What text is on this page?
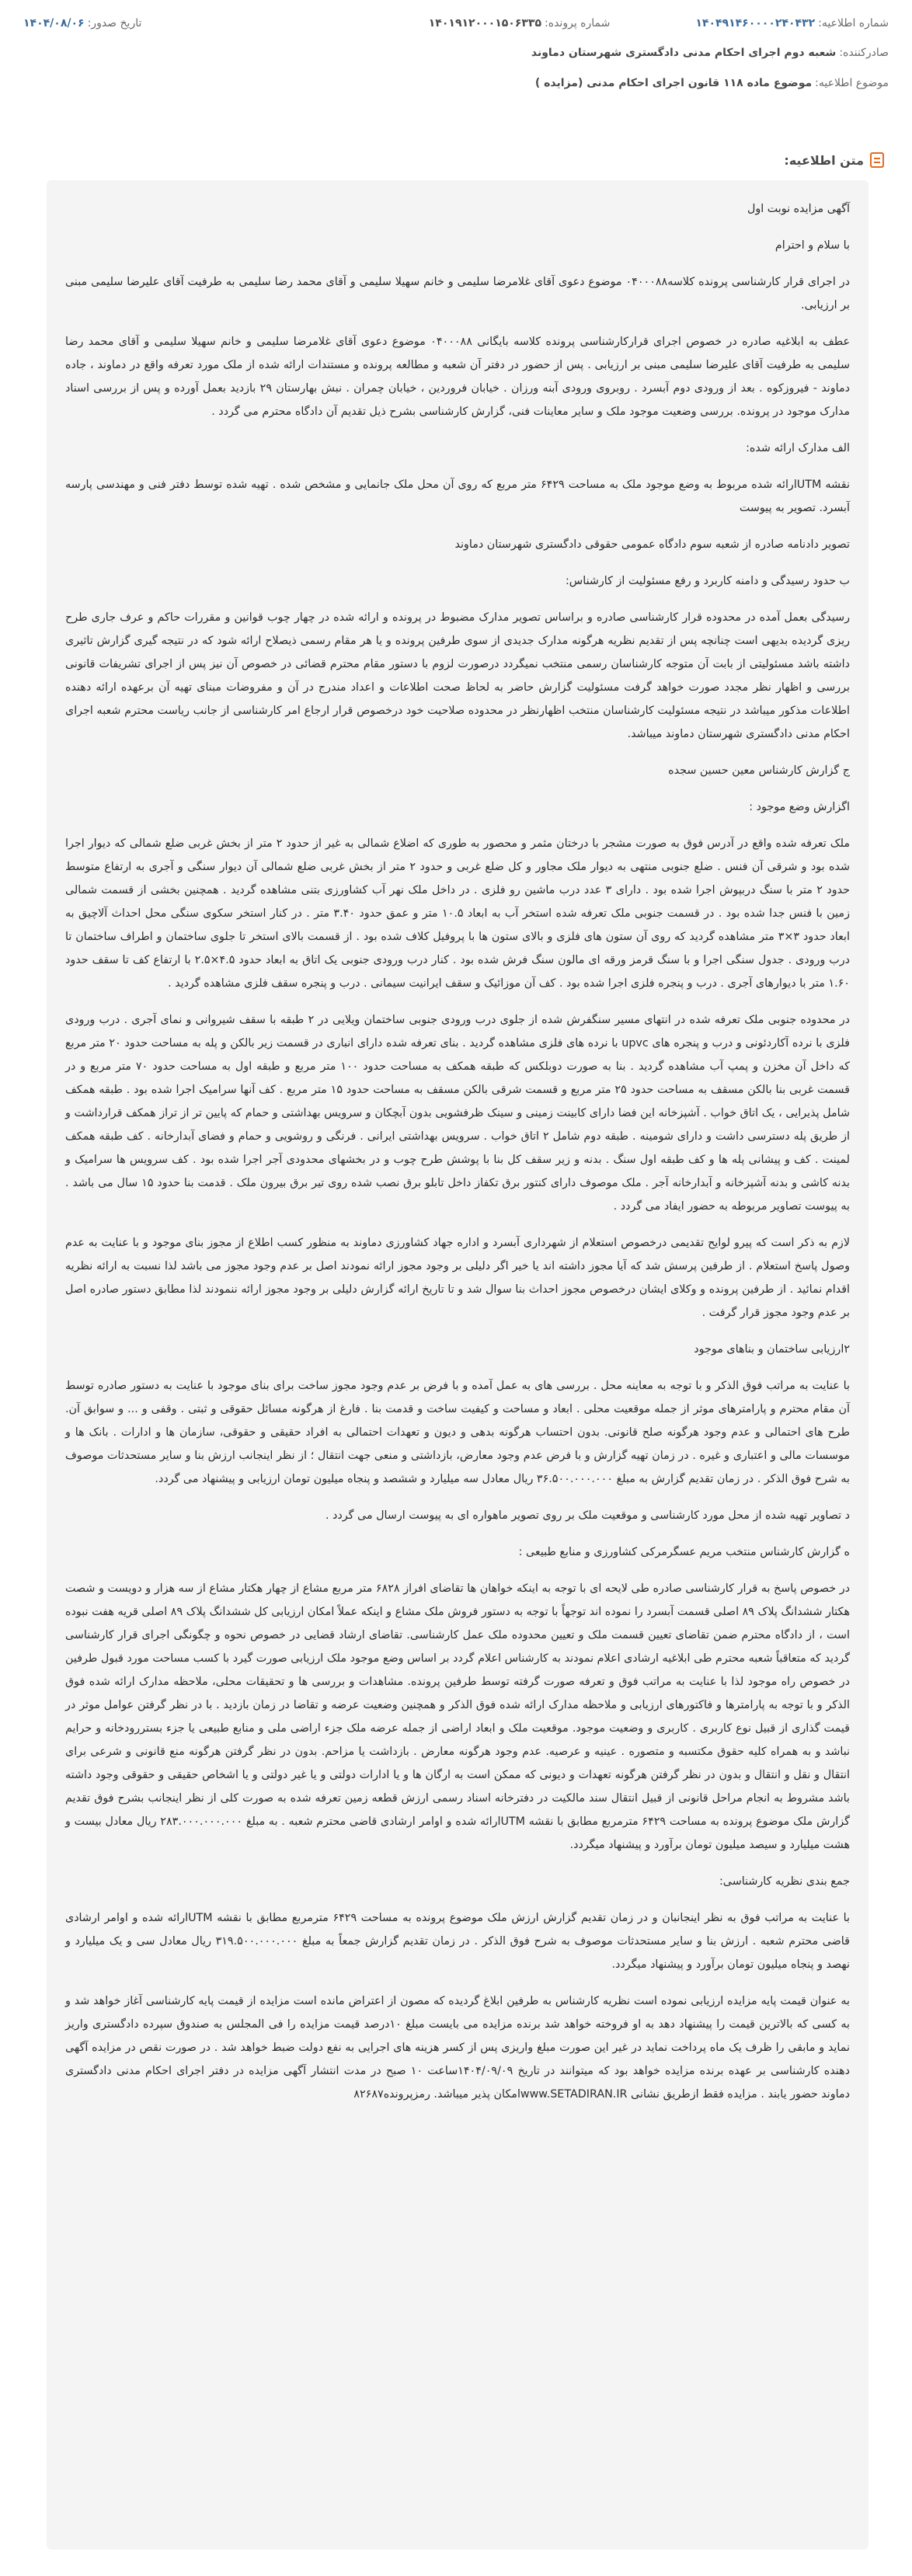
شماره اطلاعیه:
۱۴۰۴۹۱۴۶۰۰۰۰۲۴۰۴۳۲
شماره پرونده:
۱۴۰۱۹۱۲۰۰۰۱۵۰۶۳۳۵
تاریخ صدور:
۱۴۰۴/۰۸/۰۶
صادرکننده:
شعبه دوم اجرای احکام مدنی دادگستری شهرستان دماوند
موضوع اطلاعیه:
موضوع ماده ۱۱۸ قانون اجرای احکام مدنی (مزایده )
متن اطلاعیه
:

آگهی مزایده نوبت اول

با سلام و احترام

در اجرای قرار کارشناسی پرونده کلاسه۰۴۰۰۰۸۸ موضوع دعوی آقای غلامرضا سلیمی و خانم سهیلا سلیمی و آقای محمد رضا سلیمی به طرفیت آقای علیرضا سلیمی مبنی بر ارزیابی.

عطف به ابلاغیه صادره در خصوص اجرای قرارکارشناسی پرونده کلاسه بایگانی ۰۴۰۰۰۸۸ موضوع دعوی آقای غلامرضا سلیمی و خانم سهیلا سلیمی و آقای محمد رضا سلیمی به طرفیت آقای علیرضا سلیمی مبنی بر ارزیابی . پس از حضور در دفتر آن شعبه و مطالعه پرونده و مستندات ارائه شده از ملک مورد تعرفه واقع در دماوند ، جاده دماوند - فیروزکوه . بعد از ورودی دوم آبسرد . روبروی ورودی آبنه ورزان . خیابان فروردین ، خیابان چمران . نبش بهارستان ۲۹ بازدید بعمل آورده و پس از بررسی اسناد مدارک موجود در پرونده. بررسی وضعیت موجود ملک و سایر معاینات فنی، گزارش کارشناسی بشرح ذیل تقدیم آن دادگاه محترم می گردد .

الف مدارک ارائه شده:

نقشه UTMارائه شده مربوط به وضع موجود ملک به مساحت ۶۴۲۹ متر مربع که روی آن محل ملک جانمایی و مشخص شده . تهیه شده توسط دفتر فنی و مهندسی پارسه آبسرد. تصویر به پیوست

تصویر دادنامه صادره از شعبه سوم دادگاه عمومی حقوقی دادگستری شهرستان دماوند

ب حدود رسیدگی و دامنه کاربرد و رفع مسئولیت از کارشناس:

رسیدگی بعمل آمده در محدوده قرار کارشناسی صادره و براساس تصویر مدارک مضبوط در پرونده و ارائه شده در چهار چوب قوانین و مقررات حاکم و عرف جاری طرح ریزی گردیده بدیهی است چنانچه پس از تقدیم نظریه هرگونه مدارک جدیدی از سوی طرفین پرونده و یا هر مقام رسمی ذیصلاح ارائه شود که در نتیجه گیری گزارش تاثیری داشته باشد مسئولیتی از بابت آن متوجه کارشناسان رسمی منتخب نمیگردد درصورت لزوم با دستور مقام محترم قضائی در خصوص آن نیز پس از اجرای تشریفات قانونی بررسی و اظهار نظر مجدد صورت خواهد گرفت مسئولیت گزارش حاضر به لحاظ صحت اطلاعات و اعداد مندرج در آن و مفروضات مبنای تهیه آن برعهده ارائه دهنده اطلاعات مذکور میباشد در نتیجه مسئولیت کارشناسان منتخب اظهارنظر در محدوده صلاحیت خود درخصوص قرار ارجاع امر کارشناسی از جانب ریاست محترم شعبه اجرای احکام مدنی دادگستری شهرستان دماوند میباشد.

ج گزارش کارشناس معین حسین سجده

اگزارش وضع موجود :

ملک تعرفه شده واقع در آدرس فوق به صورت مشجر با درختان مثمر و محصور به طوری که اضلاع شمالی به غیر از حدود ۲ متر از بخش غربی ضلع شمالی که دیوار اجرا شده بود و شرقی آن فنس . ضلع جنوبی منتهی به دیوار ملک مجاور و کل ضلع غربی و حدود ۲ متر از بخش غربی ضلع شمالی آن دیوار سنگی و آجری به ارتفاع متوسط حدود ۲ متر با سنگ دربپوش اجرا شده بود . دارای ۳ عدد درب ماشین رو فلزی . در داخل ملک نهر آب کشاورزی بتنی مشاهده گردید . همچنین بخشی از قسمت شمالی زمین با فنس جدا شده بود . در قسمت جنوبی ملک تعرفه شده استخر آب به ابعاد ۱۰.۵ متر و عمق حدود ۳.۴۰ متر . در کنار استخر سکوی سنگی محل احداث آلاچیق به ابعاد حدود ۳×۳ متر مشاهده گردید که روی آن ستون های فلزی و بالای ستون ها با پروفیل کلاف شده بود . از قسمت بالای استخر تا جلوی ساختمان و اطراف ساختمان تا درب ورودی . جدول سنگی اجرا و با سنگ قرمز ورقه ای مالون سنگ فرش شده بود . کنار درب ورودی جنوبی یک اتاق به ابعاد حدود ۴.۵×۲.۵ با ارتفاع کف تا سقف حدود ۱.۶۰ متر با دیوارهای آجری . درب و پنجره فلزی اجرا شده بود . کف آن موزائیک و سقف ایرانیت سیمانی . درب و پنجره سقف فلزی مشاهده گردید .

در محدوده جنوبی ملک تعرفه شده در انتهای مسیر سنگفرش شده از جلوی درب ورودی جنوبی ساختمان ویلایی در ۲ طبقه با سقف شیروانی و نمای آجری . درب ورودی فلزی با نرده آکاردئونی و درب و پنجره های upvc با نرده های فلزی مشاهده گردید . بنای تعرفه شده دارای انباری در قسمت زیر بالکن و پله به مساحت حدود ۲۰ متر مربع که داخل آن مخزن و پمپ آب مشاهده گردید . بنا به صورت دوبلکس که طبقه همکف به مساحت حدود ۱۰۰ متر مربع و طبقه اول به مساحت حدود ۷۰ متر مربع و در قسمت غربی بنا بالکن مسقف به مساحت حدود ۲۵ متر مربع و قسمت شرقی بالکن مسقف به مساحت حدود ۱۵ متر مربع . کف آنها سرامیک اجرا شده بود . طبقه همکف شامل پذیرایی ، یک اتاق خواب . آشپزخانه این فضا دارای کابینت زمینی و سینک ظرفشویی بدون آبچکان و سرویس بهداشتی و حمام که پایین تر از تراز همکف قراردا‌شت و از طریق پله دسترسی داشت و دارای شومینه . طبقه دوم شامل ۲ اتاق خواب . سرویس بهداشتی ایرانی . فرنگی و روشویی و حمام و فضای آبدارخانه . کف طبقه همکف لمینت . کف و پیشانی پله ها و کف طبقه اول سنگ . بدنه و زیر سقف کل بنا با پوشش طرح چوب و در بخشهای محدودی آجر اجرا شده بود . کف سرویس ها سرامیک و بدنه کاشی و بدنه آشپزخانه و آبدارخانه آجر . ملک موصوف دارای کنتور برق تکفاز داخل تابلو برق نصب شده روی تیر برق بیرون ملک . قدمت بنا حدود ۱۵ سال می باشد . به پیوست تصاویر مربوطه به حضور ایفاد می گردد .

لازم به ذکر است که پیرو لوایح تقدیمی درخصوص استعلام از شهرداری آبسرد و اداره جهاد کشاورزی دماوند به منظور کسب اطلاع از مجوز بنای موجود و با عنایت به عدم وصول پاسخ استعلام . از طرفین پرسش شد که آیا مجوز داشته اند یا خیر اگر دلیلی بر وجود مجوز ارائه نمودند اصل بر عدم وجود مجوز می باشد لذا نسبت به ارائه نظریه اقدام نمائید . از طرفین پرونده و وکلای ایشان درخصوص مجوز احداث بنا سوال شد و تا تاریخ ارائه گزارش دلیلی بر وجود مجوز ارائه ننمودند لذا مطابق دستور صادره اصل بر عدم وجود مجوز قرار گرفت .

۲ارزیابی ساختمان و بناهای موجود

با عنایت به مراتب فوق الذکر و با توجه به معاینه محل . بررسی های به عمل آمده و با فرض بر عدم وجود مجوز ساخت برای بنای موجود با عنایت به دستور صادره توسط آن مقام محترم و پارامترهای موثر از جمله موقعیت محلی . ابعاد و مساحت و کیفیت ساخت و قدمت بنا . فارغ از هرگونه مسائل حقوقی و ثبتی . وقفی و ... و سوابق آن. طرح های احتمالی و عدم وجود هرگونه صلح قانونی. بدون احتساب هرگونه بدهی و دیون و تعهدات احتمالی به افراد حقیقی و حقوقی، سازمان ها و ادارات . بانک ها و موسسات مالی و اعتباری و غیره . در زمان تهیه گزارش و با فرض عدم وجود معارض، بازداشتی و منعی جهت انتقال ؛ از نظر اینجانب ارزش بنا و سایر مستحدثات موصوف به شرح فوق الذکر . در زمان تقدیم گزارش به مبلغ ۳۶.۵۰۰.۰۰۰.۰۰۰ ریال معادل سه میلیارد و ششصد و پنجاه میلیون تومان ارزیابی و پیشنهاد می گردد.

د تصاویر تهیه شده از محل مورد کارشناسی و موقعیت ملک بر روی تصویر ماهواره ای به پیوست ارسال می گردد .

ه گزارش کارشناس منتخب مریم عسگرمرکی کشاورزی و منابع طبیعی :

در خصوص پاسخ به قرار کارشناسی صادره طی لایحه ای با توجه به اینکه خواهان ها تقاضای افراز ۶۸۲۸ متر مربع مشاع از چهار هکتار مشاع از سه هزار و دویست و شصت هکتار ششدانگ پلاک ۸۹ اصلی قسمت آبسرد را نموده اند توجهاً با توجه به دستور فروش ملک مشاع و اینکه عملاً امکان ارزیابی کل ششدانگ پلاک ۸۹ اصلی قریه هفت نبوده است ، از دادگاه محترم ضمن تقاضای تعیین قسمت ملک و تعیین محدوده ملک عمل کارشناسی. تقاضای ارشاد قضایی در خصوص نحوه و چگونگی اجرای قرار کارشناسی گردید که متعاقباً شعبه محترم طی ابلاغیه ارشادی اعلام نمودند به کارشناس اعلام گردد بر اساس وضع موجود ملک ارزیابی صورت گیرد با کسب مساحت مورد قبول طرفین در خصوص راه موجود لذا با عنایت به مراتب فوق و تعرفه صورت گرفته توسط طرفین پرونده. مشاهدات و بررسی ها و تحقیقات محلی، ملاحظه مدارک ارائه شده فوق الذکر و با توجه به پارامترها و فاکتورهای ارزیابی و ملاحظه مدارک ارائه شده فوق الذکر و همچنین وضعیت عرضه و تقاضا در زمان بازدید . با در نظر گرفتن عوامل موثر در قیمت گذاری از قبیل نوع کاربری . کاربری و وضعیت موجود. موقعیت ملک و ابعاد اراضی از جمله عرضه ملک جزء اراضی ملی و منابع طبیعی یا جزء بستررودخانه و حرایم نباشد و به همراه کلیه حقوق مکتسبه و متصوره . عینیه و عرصیه. عدم وجود هرگونه معارض . بازداشت یا مزاحم. بدون در نظر گرفتن هرگونه منع قانونی و شرعی برای انتقال و نقل و انتقال و بدون در نظر گرفتن هرگونه تعهدات و دیونی که ممکن است به ارگان ها و یا ادارات دولتی و یا غیر دولتی و یا اشخاص حقیقی و حقوقی وجود داشته باشد مشروط به انجام مراحل قانونی از قبیل انتقال سند مالکیت در دفترخانه اسناد رسمی ارزش قطعه زمین تعرفه شده به صورت کلی از نظر اینجانب بشرح فوق تقدیم گزارش ملک موضوع پرونده به مساحت ۶۴۲۹ مترمربع مطابق با نقشه UTMارائه شده و اوامر ارشادی قاضی محترم شعبه . به مبلغ ۲۸۳.۰۰۰.۰۰۰.۰۰۰ ریال معادل بیست و هشت میلیارد و سیصد میلیون تومان برآورد و پیشنهاد میگردد.

جمع بندی نظریه کارشناسی:

با عنایت به مراتب فوق به نظر اینجانبان و در زمان تقدیم گزارش ارزش ملک موضوع پرونده به مساحت ۶۴۲۹ مترمربع مطابق با نقشه UTMارائه شده و اوامر ارشادی قاضی محترم شعبه . ارزش بنا و سایر مستحدثات موصوف به شرح فوق الذکر . در زمان تقدیم گزارش جمعاً به مبلغ ۳۱۹.۵۰۰.۰۰۰.۰۰۰ ریال معادل سی و یک میلیارد و نهصد و پنجاه میلیون تومان برآورد و پیشنهاد میگردد.

به عنوان قیمت پایه مزایده ارزیابی نموده است نظریه کارشناس به طرفین ابلاغ گردیده که مصون از اعتراض مانده است مزایده از قیمت پایه کارشناسی آغاز خواهد شد و به کسی که بالاترین قیمت را پیشنهاد دهد به او فروخته خواهد شد برنده مزایده می بایست مبلغ ۱۰درصد قیمت مزایده را فی المجلس به صندوق سپرده دادگستری واریز نماید و مابقی را ظرف یک ماه پرداخت نماید در غیر این صورت مبلغ واریزی پس از کسر هزینه های اجرایی به نفع دولت ضبط خواهد شد . در صورت نقص در مزایده آگهی دهنده کارشناسی بر عهده برنده مزایده خواهد بود که میتوانند در تاریخ ۱۴۰۴/۰۹/۰۹ساعت ۱۰ صبح در مدت انتشار آگهی مزایده در دفتر اجرای احکام مدنی دادگستری دماوند حضور یابند . مزایده فقط ازطریق نشانی www.SETADIRAN.IRامکان پذیر میباشد. رمزپرونده۸۲۶۸۷
